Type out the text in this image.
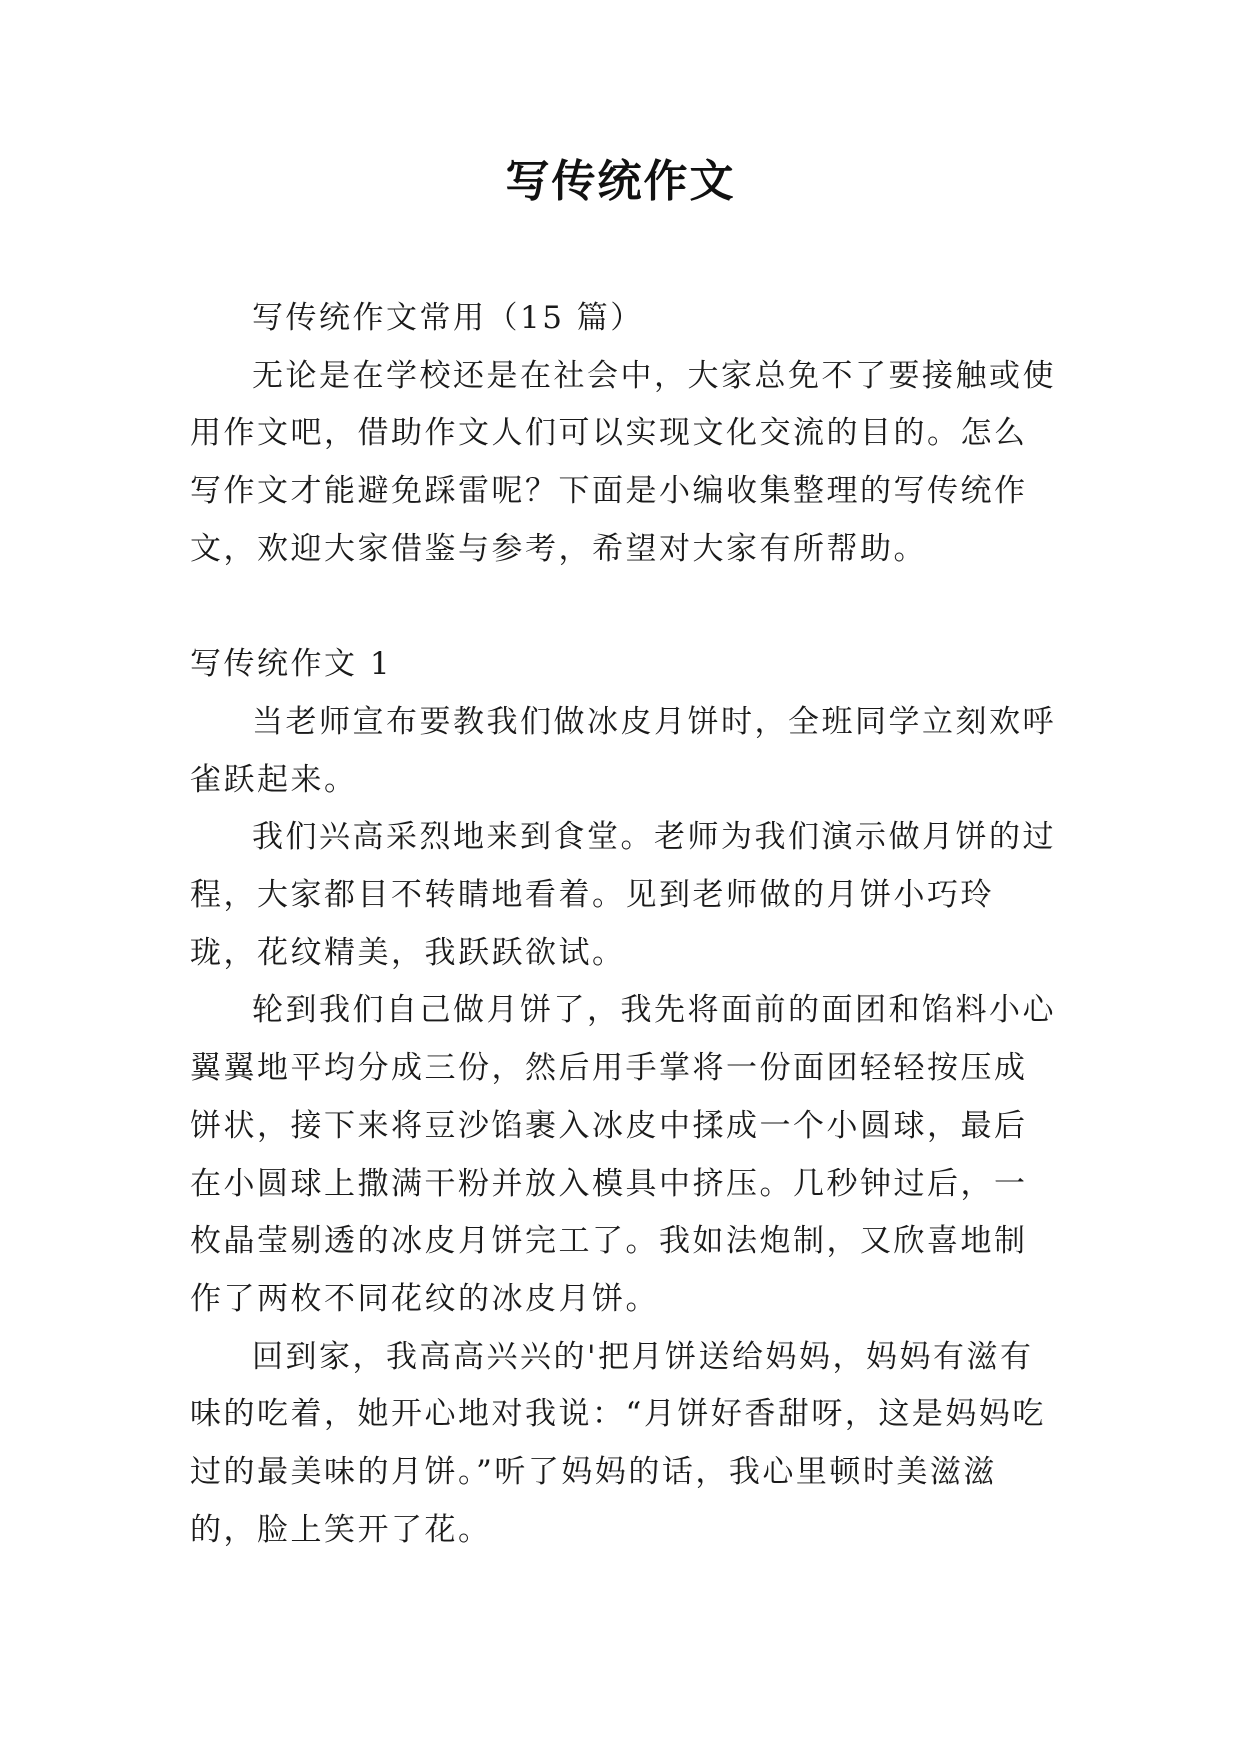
写传统作文

写传统作文常用（15 篇）

无论是在学校还是在社会中，大家总免不了要接触或使用作文吧，借助作文人们可以实现文化交流的目的。怎么写作文才能避免踩雷呢？下面是小编收集整理的写传统作文，欢迎大家借鉴与参考，希望对大家有所帮助。

写传统作文 1

当老师宣布要教我们做冰皮月饼时，全班同学立刻欢呼雀跃起来。

我们兴高采烈地来到食堂。老师为我们演示做月饼的过程，大家都目不转睛地看着。见到老师做的月饼小巧玲珑，花纹精美，我跃跃欲试。

轮到我们自己做月饼了，我先将面前的面团和馅料小心翼翼地平均分成三份，然后用手掌将一份面团轻轻按压成饼状，接下来将豆沙馅裹入冰皮中揉成一个小圆球，最后在小圆球上撒满干粉并放入模具中挤压。几秒钟过后，一枚晶莹剔透的冰皮月饼完工了。我如法炮制，又欣喜地制作了两枚不同花纹的冰皮月饼。

回到家，我高高兴兴的'把月饼送给妈妈，妈妈有滋有味的吃着，她开心地对我说：“月饼好香甜呀，这是妈妈吃过的最美味的月饼。”听了妈妈的话，我心里顿时美滋滋的，脸上笑开了花。
